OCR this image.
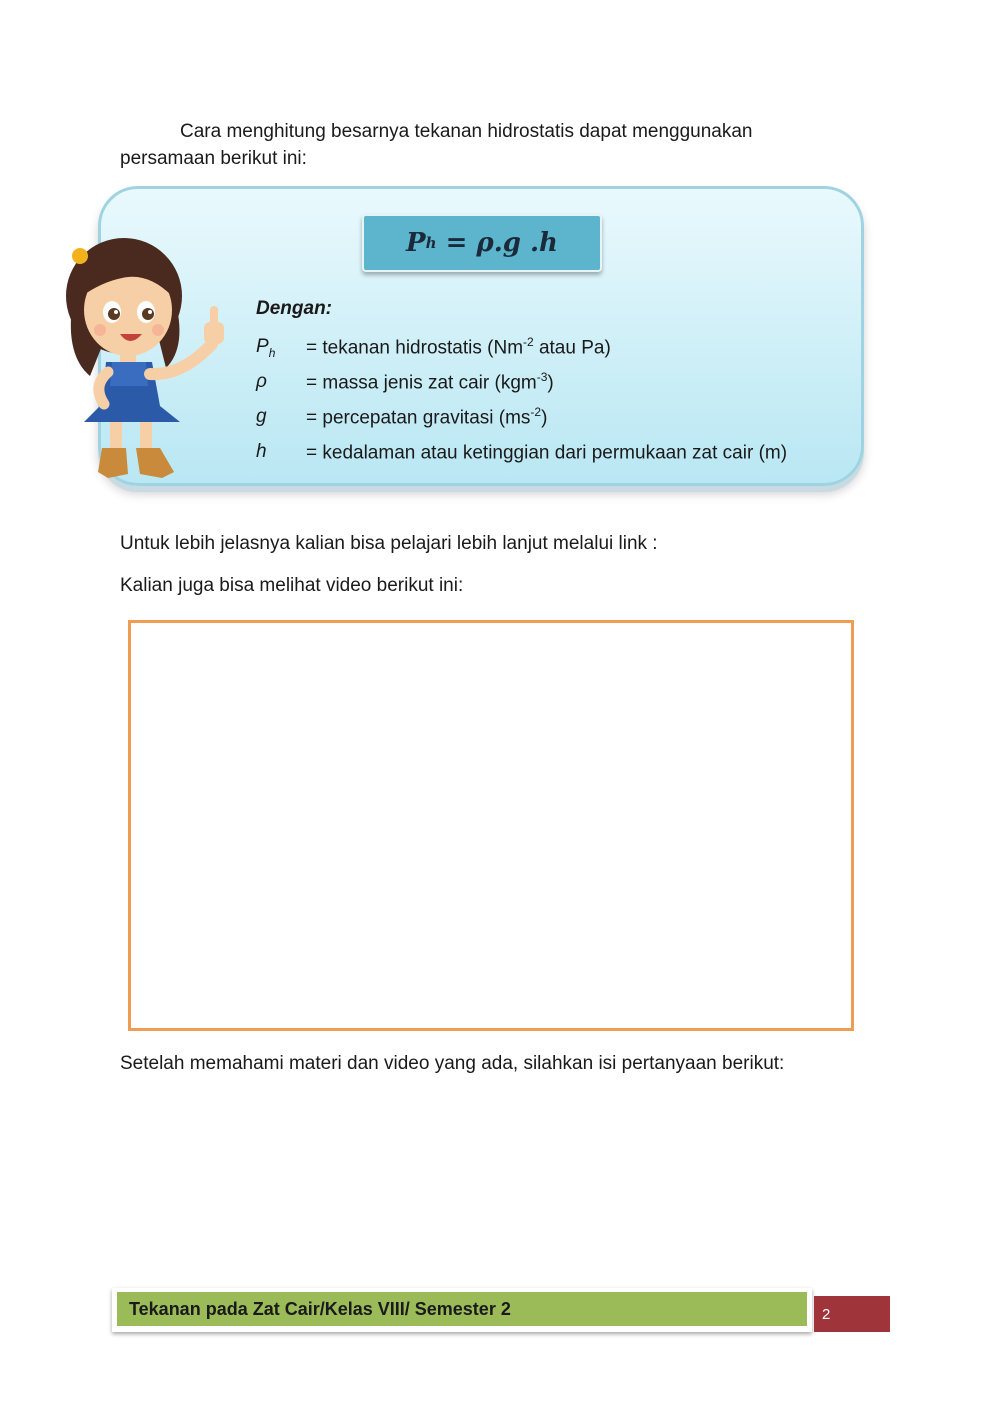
Cara menghitung besarnya tekanan hidrostatis dapat menggunakan persamaan berikut ini:

P h
= ρ.g .h
Dengan:
$P_h$	= tekanan hidrostatis ($Nm^{-2}$ atau Pa)
ρ	= massa jenis zat cair (kgm$^{-3}$)
g	= percepatan gravitasi $(ms^{-2})$
h	= kedalaman atau ketinggian dari permukaan zat cair (m)
Untuk lebih jelasnya kalian bisa pelajari lebih lanjut melalui link :
Kalian juga bisa melihat video berikut ini:
Setelah memahami materi dan video yang ada, silahkan isi pertanyaan berikut:
Tekanan pada Zat Cair/Kelas VIII/ Semester 2	2
